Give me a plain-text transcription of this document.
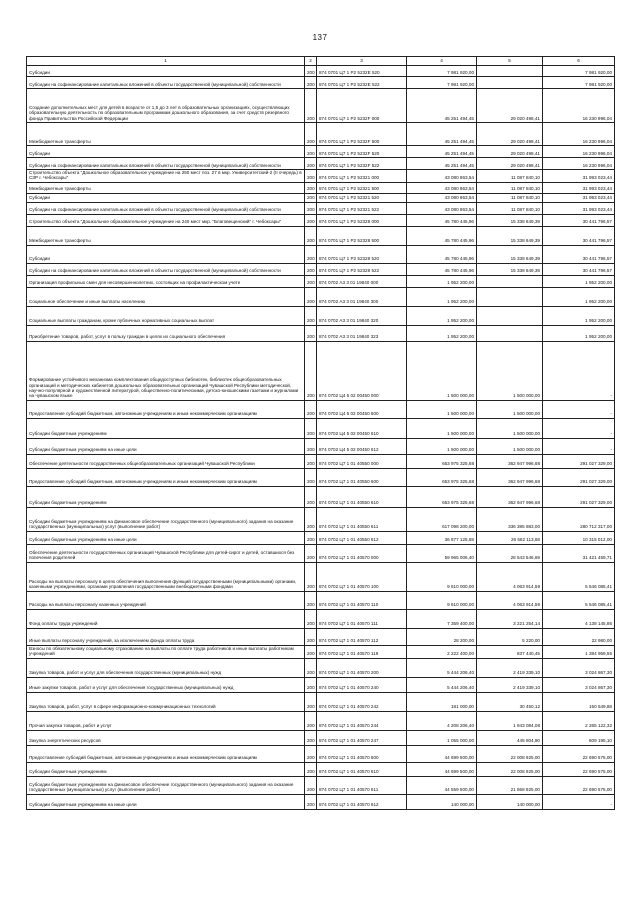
137
1	2	3	4	5	6
Субсидии	200	874 0701 Ц7 1 P2 5232Е 520	7 981 920,00		7 981 920,00
Субсидии на софинансирование капитальных вложений в объекты государственной (муниципальной) собственности	200	874 0701 Ц7 1 P2 5232Е 522	7 981 920,00		7 981 920,00
Создание дополнительных мест для детей в возрасте от 1,5 до 3 лет в образовательных организациях, осуществляющих образовательную деятельность по образовательным программам дошкольного образования, за счет средств резервного фонда Правительства Российской Федерации	200	874 0701 Ц7 1 P2 5232F 000	45 251 494,45	29 020 498,41	16 230 996,04
Межбюджетные трансферты	200	874 0701 Ц7 1 P2 5232F 500	45 251 494,45	29 020 498,41	16 230 996,04
Субсидии	200	874 0701 Ц7 1 P2 5232F 520	45 251 494,45	29 020 498,41	16 230 996,04
Субсидии на софинансирование капитальных вложений в объекты государственной (муниципальной) собственности	200	874 0701 Ц7 1 P2 5232F 522	45 251 494,45	29 020 498,41	16 230 996,04
Строительство объекта "Дошкольное образовательное учреждение на 250 мест поз. 27 в мкр. Университетский-2 (II очередь) в СЗР г. Чебоксары"	200	874 0701 Ц7 1 P2 52321 000	43 080 863,54	11 087 840,10	31 993 023,44
Межбюджетные трансферты	200	874 0701 Ц7 1 P2 52321 500	43 080 863,54	11 087 840,10	31 993 023,44
Субсидии	200	874 0701 Ц7 1 P2 52321 520	43 080 863,54	11 087 840,10	31 993 023,44
Субсидии на софинансирование капитальных вложений в объекты государственной (муниципальной) собственности	200	874 0701 Ц7 1 P2 52321 522	43 080 863,54	11 087 840,10	31 993 023,44
Строительство объекта "Дошкольное образовательное учреждение на 240 мест мкр. "Благовещенский" г. Чебоксары"	200	874 0701 Ц7 1 P2 52328 000	45 780 445,96	15 338 649,39	30 441 796,57
Межбюджетные трансферты	200	874 0701 Ц7 1 P2 52328 500	45 780 445,96	15 338 649,39	30 441 796,57
Субсидии	200	874 0701 Ц7 1 P2 52328 520	45 780 445,96	15 338 649,39	30 441 796,57
Субсидии на софинансирование капитальных вложений в объекты государственной (муниципальной) собственности	200	874 0701 Ц7 1 P2 52328 522	45 780 445,96	15 338 649,39	30 441 796,57
Организация профильных смен для несовершеннолетних, состоящих на профилактическом учете	200	874 0702 А3 3 01 19840 000	1 952 200,00		1 952 200,00
Социальное обеспечение и иные выплаты населению	200	874 0702 А3 3 01 19840 300	1 952 200,00		1 952 200,00
Социальные выплаты гражданам, кроме публичных нормативных социальных выплат	200	874 0702 А3 3 01 19840 320	1 952 200,00		1 952 200,00
Приобретение товаров, работ, услуг в пользу граждан в целях их социального обеспечения	200	874 0702 А3 3 01 19840 323	1 952 200,00		1 952 200,00
Формирование устойчивого механизма комплектования общедоступных библиотек, библиотек общеобразовательных организаций и методических кабинетов дошкольных образовательных организаций Чувашской Республики методической, научно-популярной и художественной литературой, общественно-политическими, детско-юношескими газетами и журналами на чувашском языке	200	874 0702 Ц4 5 02 00450 000	1 500 000,00	1 500 000,00	-
Предоставление субсидий бюджетным, автономным учреждениям и иным некоммерческим организациям	200	874 0702 Ц4 5 02 00450 600	1 500 000,00	1 500 000,00	-
Субсидии бюджетным учреждениям	200	874 0702 Ц4 5 02 00450 610	1 500 000,00	1 500 000,00	-
Субсидии бюджетным учреждениям на иные цели	200	874 0702 Ц4 5 02 00450 612	1 500 000,00	1 500 000,00	-
Обеспечение деятельности государственных общеобразовательных организаций Чувашской Республики	200	874 0702 Ц7 1 01 40550 000	653 975 325,68	362 947 996,68	291 027 329,00
Предоставление субсидий бюджетным, автономным учреждениям и иным некоммерческим организациям	200	874 0702 Ц7 1 01 40550 600	653 975 325,68	362 947 996,68	291 027 329,00
Субсидии бюджетным учреждениям	200	874 0702 Ц7 1 01 40550 610	653 975 325,68	362 947 996,68	291 027 329,00
Субсидии бюджетным учреждениям на финансовое обеспечение государственного (муниципального) задания на оказание государственных (муниципальных) услуг (выполнение работ)	200	874 0702 Ц7 1 01 40550 611	617 098 200,00	336 385 883,00	280 712 317,00
Субсидии бюджетным учреждениям на иные цели	200	874 0702 Ц7 1 01 40550 612	36 877 125,68	26 562 113,68	10 315 012,00
Обеспечение деятельности государственных организаций Чувашской Республики для детей-сирот и детей, оставшихся без попечения родителей	200	874 0702 Ц7 1 01 40570 000	59 965 006,40	28 543 546,69	31 421 459,71
Расходы на выплаты персоналу в целях обеспечения выполнения функций государственными (муниципальными) органами, казенными учреждениями, органами управления государственными внебюджетными фондами	200	874 0702 Ц7 1 01 40570 100	9 610 000,00	4 063 914,59	5 546 085,41
Расходы на выплаты персоналу казенных учреждений	200	874 0702 Ц7 1 01 40570 110	9 610 000,00	4 063 914,59	5 546 085,41
Фонд оплаты труда учреждений	200	874 0702 Ц7 1 01 40570 111	7 359 400,00	3 221 254,14	4 138 145,86
Иные выплаты персоналу учреждений, за исключением фонда оплаты труда	200	874 0702 Ц7 1 01 40570 112	28 200,00	5 220,00	22 980,00
Взносы по обязательному социальному страхованию на выплаты по оплате труда работников и иные выплаты работникам учреждений	200	874 0702 Ц7 1 01 40570 119	2 222 400,00	837 440,45	1 384 959,55
Закупка товаров, работ и услуг для обеспечения государственных (муниципальных) нужд	200	874 0702 Ц7 1 01 40570 200	5 444 206,40	2 419 339,10	3 024 867,30
Иные закупки товаров, работ и услуг для обеспечения государственных (муниципальных) нужд	200	874 0702 Ц7 1 01 40570 240	5 444 206,40	2 419 339,10	3 024 867,30
Закупка товаров, работ, услуг в сфере информационно-коммуникационных технологий	200	874 0702 Ц7 1 01 40570 242	181 000,00	30 450,12	150 549,88
Прочая закупка товаров, работ и услуг	200	874 0702 Ц7 1 01 40570 244	4 208 206,40	1 943 084,08	2 265 122,32
Закупка энергетических ресурсов	200	874 0702 Ц7 1 01 40570 247	1 055 000,00	445 804,90	609 195,10
Предоставление субсидий бюджетным, автономным учреждениям и иным некоммерческим организациям	200	874 0702 Ц7 1 01 40570 600	44 699 500,00	22 008 925,00	22 690 575,00
Субсидии бюджетным учреждениям	200	874 0702 Ц7 1 01 40570 610	44 699 500,00	22 008 925,00	22 690 575,00
Субсидии бюджетным учреждениям на финансовое обеспечение государственного (муниципального) задания на оказание государственных (муниципальных) услуг (выполнение работ)	200	874 0702 Ц7 1 01 40570 611	44 559 500,00	21 868 925,00	22 690 575,00
Субсидии бюджетным учреждениям на иные цели	200	874 0702 Ц7 1 01 40570 612	140 000,00	140 000,00	-
